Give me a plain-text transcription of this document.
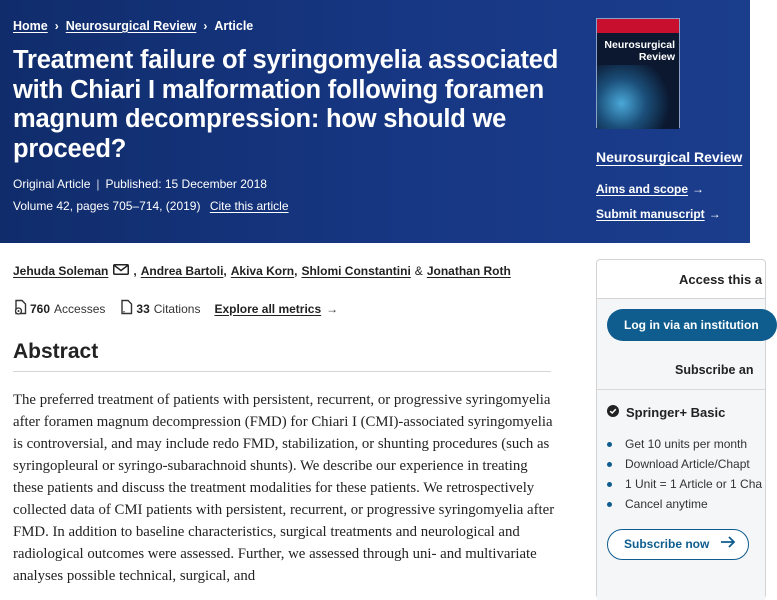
Home › Neurosurgical Review › Article
Treatment failure of syringomyelia associated with Chiari I malformation following foramen magnum decompression: how should we proceed?
Original Article | Published: 15 December 2018
Volume 42, pages 705–714, (2019) Cite this article
Neurosurgical Review
Neurosurgical Review
Aims and scope →
Submit manuscript →
Jehuda Soleman , Andrea Bartoli , Akiva Korn , Shlomi Constantini & Jonathan Roth
760 Accesses	„ 33 Citations Explore all metrics →
Abstract

The preferred treatment of patients with persistent, recurrent, or progressive syringomyelia after foramen magnum decompression (FMD) for Chiari I (CMI)-associated syringomyelia is controversial, and may include redo FMD, stabilization, or shunting procedures (such as syringopleural or syringo-subarachnoid shunts). We describe our experience in treating these patients and discuss the treatment modalities for these patients. We retrospectively collected data of CMI patients with persistent, recurrent, or progressive syringomyelia after FMD. In addition to baseline characteristics, surgical treatments and neurological and radiological outcomes were assessed. Further, we assessed through uni- and multivariate analyses possible technical, surgical, and

Access this a
Log in via an institution
Subscribe an
Springer+ Basic
Get 10 units per month
Download Article/Chapt
1 Unit = 1 Article or 1 Cha
Cancel anytime
Subscribe now
